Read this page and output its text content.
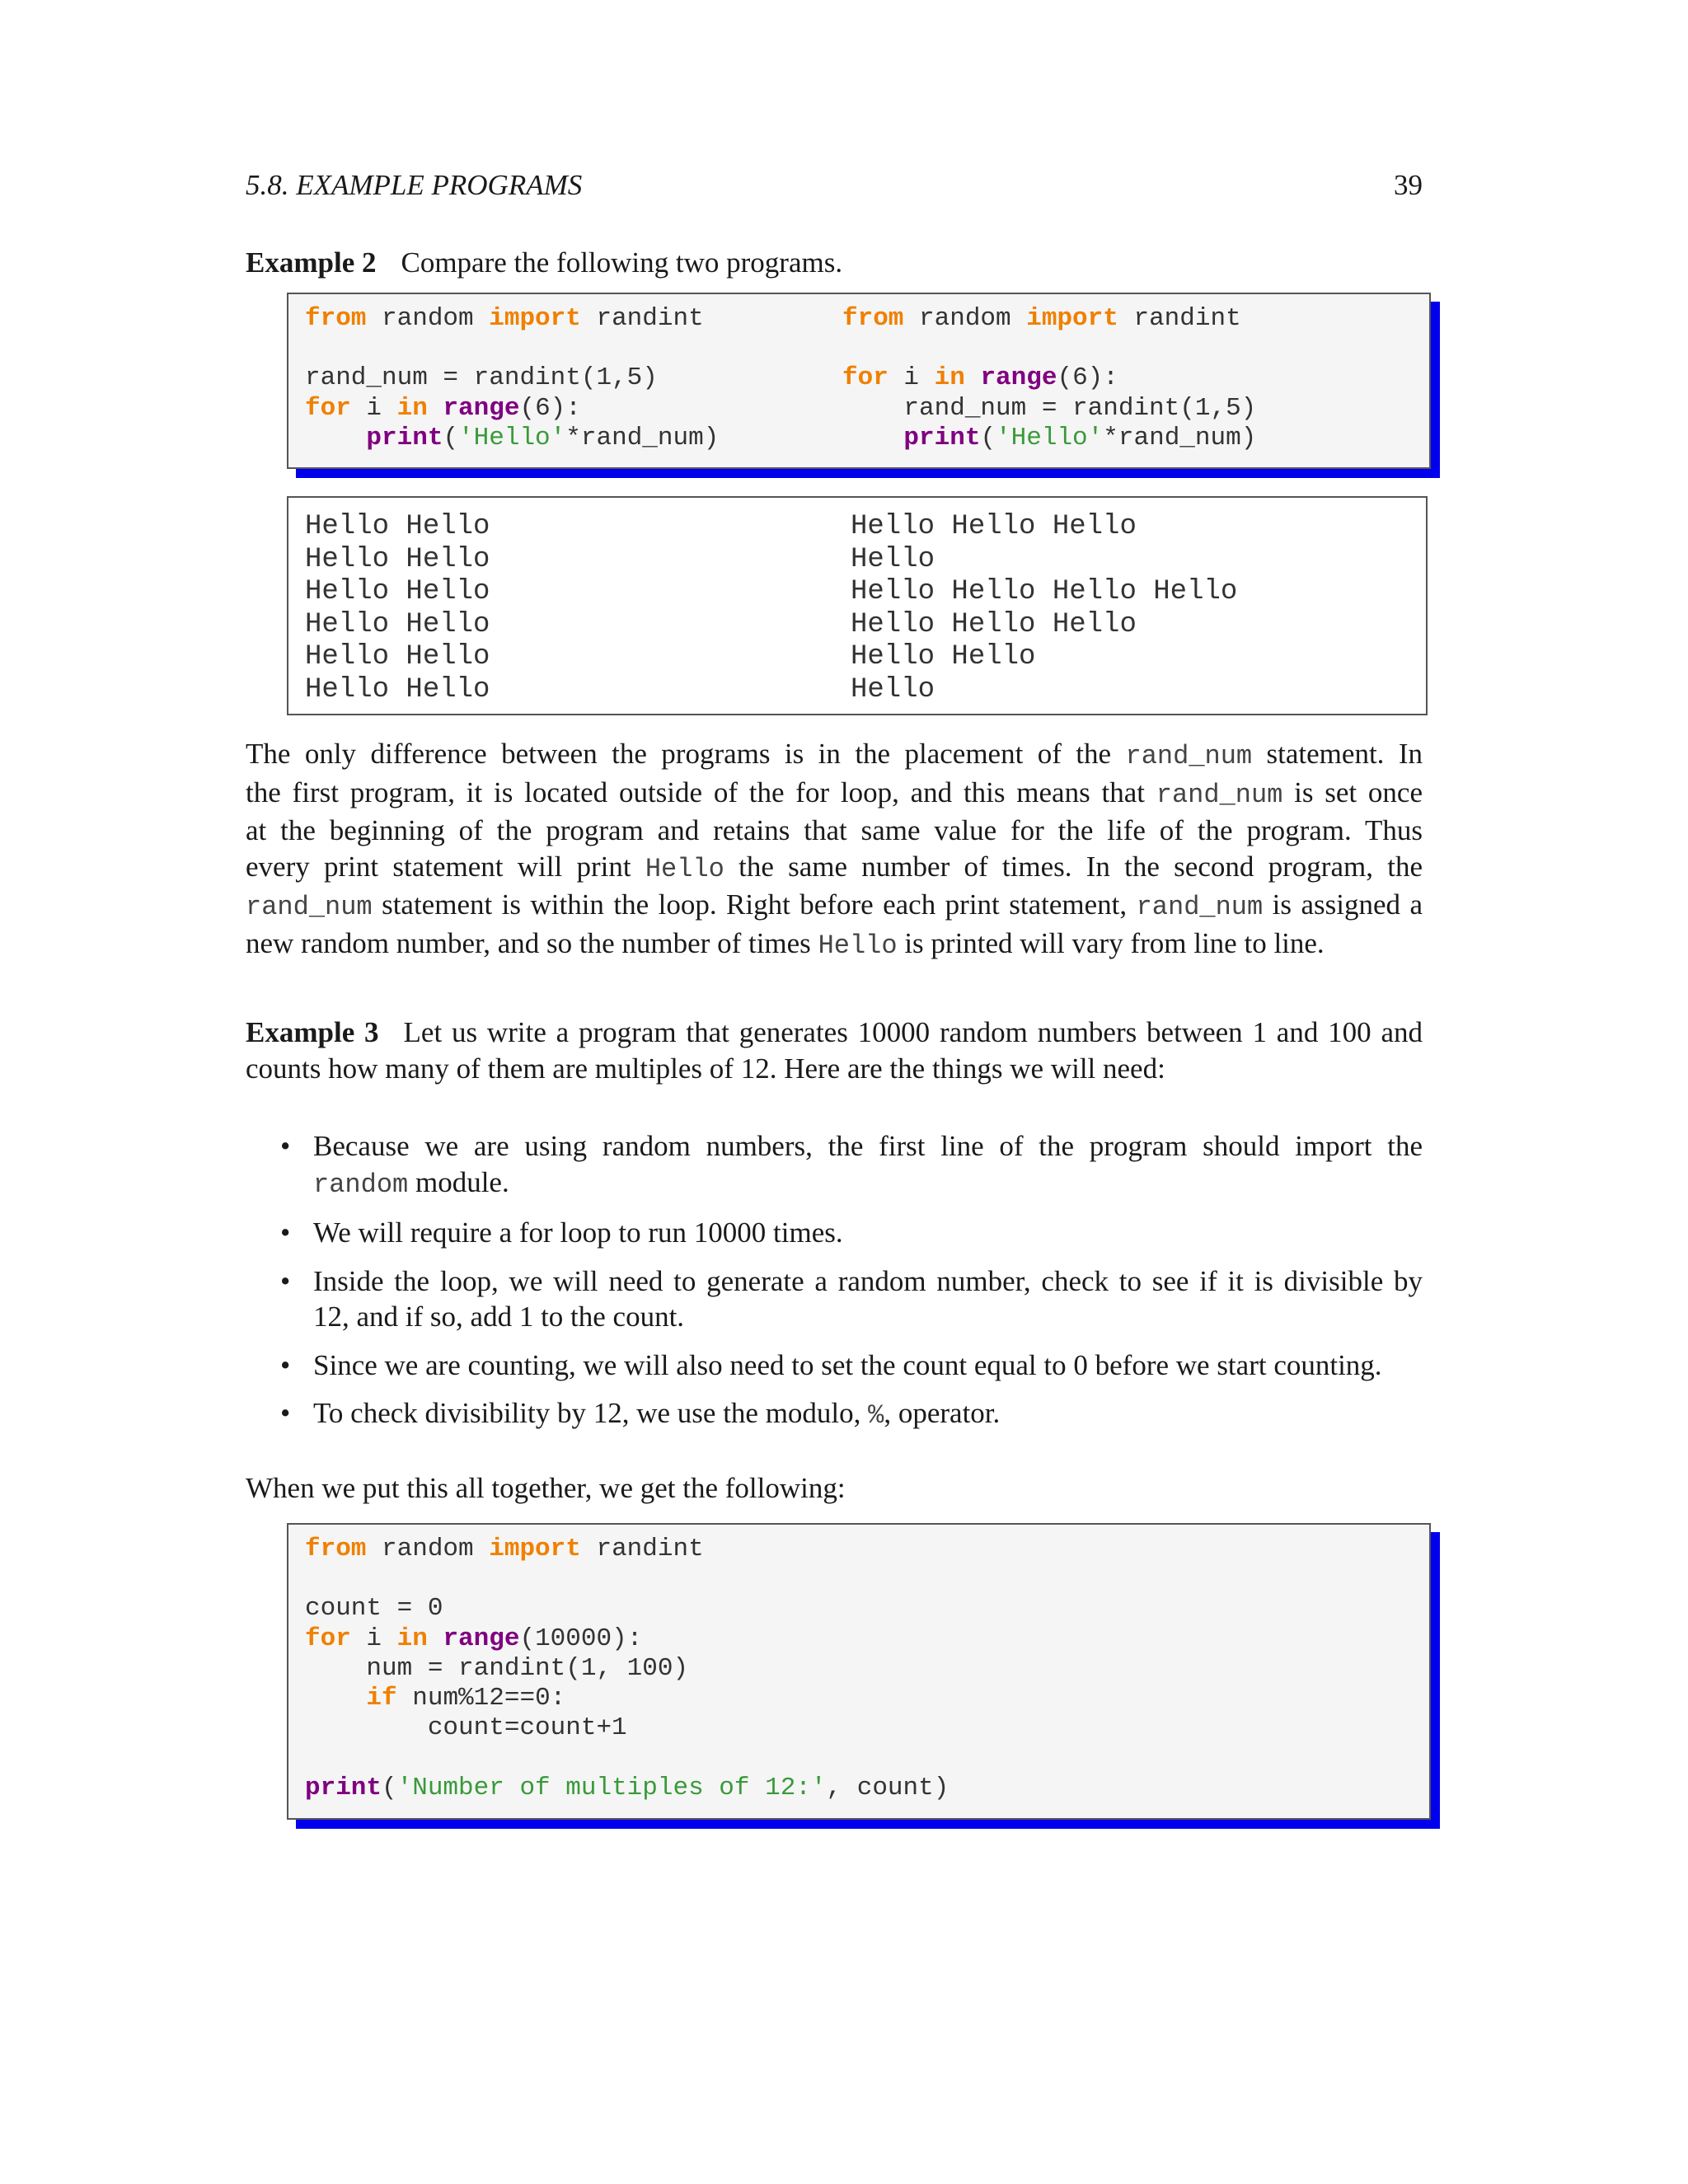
5.8. EXAMPLE PROGRAMS	39
Example 2 Compare the following two programs.
from random import randint

rand_num = randint(1,5)
for i in range(6):
print('Hello'*rand_num)
from random import randint

for i in range(6):
rand_num = randint(1,5)
print('Hello'*rand_num)
Hello Hello
Hello Hello
Hello Hello
Hello Hello
Hello Hello
Hello Hello
Hello Hello Hello
Hello
Hello Hello Hello Hello
Hello Hello Hello
Hello Hello
Hello
The only difference between the programs is in the placement of the rand_num statement. In
the first program, it is located outside of the for loop, and this means that rand_num is set once
at the beginning of the program and retains that same value for the life of the program. Thus
every print statement will print Hello the same number of times. In the second program, the
rand_num statement is within the loop. Right before each print statement, rand_num is assigned a
new random number, and so the number of times Hello is printed will vary from line to line.
Example 3 Let us write a program that generates 10000 random numbers between 1 and 100 and
counts how many of them are multiples of 12. Here are the things we will need:
• Because we are using random numbers, the first line of the program should import the
random module.
• We will require a for loop to run 10000 times.
• Inside the loop, we will need to generate a random number, check to see if it is divisible by
12, and if so, add 1 to the count.
• Since we are counting, we will also need to set the count equal to 0 before we start counting.
• To check divisibility by 12, we use the modulo, %, operator.
When we put this all together, we get the following:
from random import randint

count = 0
for i in range(10000):
num = randint(1, 100)
if num%12==0:
count=count+1

print('Number of multiples of 12:', count)
